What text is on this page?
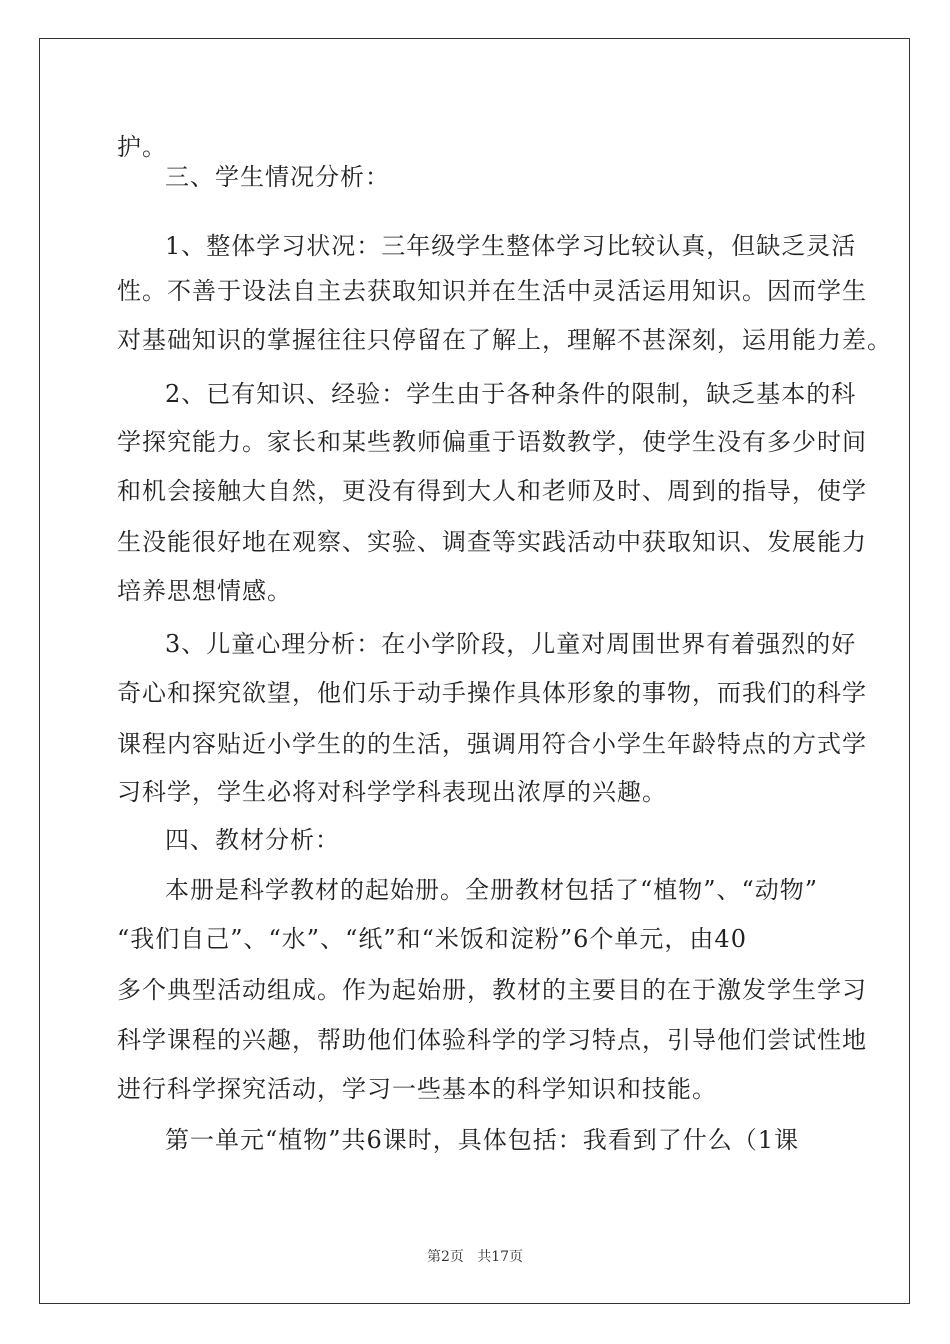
护。
三、学生情况分析：
1、整体学习状况：三年级学生整体学习比较认真，但缺乏灵活
性。不善于设法自主去获取知识并在生活中灵活运用知识。因而学生
对基础知识的掌握往往只停留在了解上，理解不甚深刻，运用能力差。
2、已有知识、经验：学生由于各种条件的限制，缺乏基本的科
学探究能力。家长和某些教师偏重于语数教学，使学生没有多少时间
和机会接触大自然，更没有得到大人和老师及时、周到的指导，使学
生没能很好地在观察、实验、调查等实践活动中获取知识、发展能力
培养思想情感。
3、儿童心理分析：在小学阶段，儿童对周围世界有着强烈的好
奇心和探究欲望，他们乐于动手操作具体形象的事物，而我们的科学
课程内容贴近小学生的的生活，强调用符合小学生年龄特点的方式学
习科学，学生必将对科学学科表现出浓厚的兴趣。
四、教材分析：
本册是科学教材的起始册。全册教材包括了“植物”、“动物”
“我们自己”、“水”、“纸”和“米饭和淀粉”6个单元，由40
多个典型活动组成。作为起始册，教材的主要目的在于激发学生学习
科学课程的兴趣，帮助他们体验科学的学习特点，引导他们尝试性地
进行科学探究活动，学习一些基本的科学知识和技能。
第一单元“植物”共6课时，具体包括：我看到了什么（1课
第2页   共17页
